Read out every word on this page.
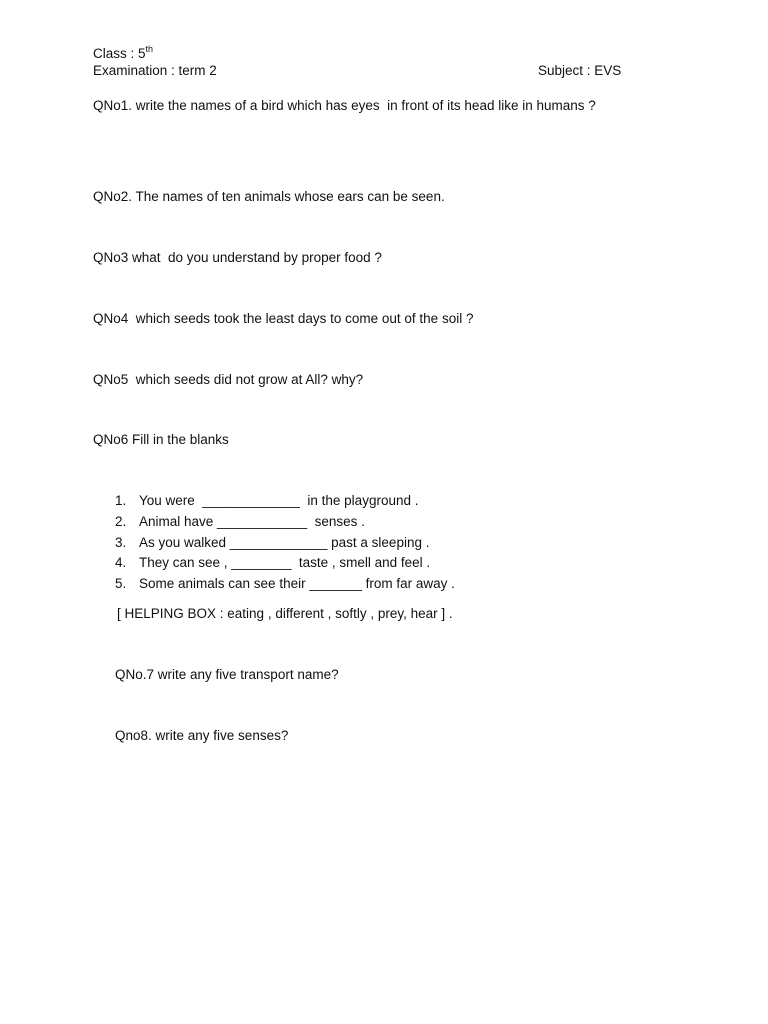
Class : 5th
Examination : term 2	Subject : EVS
QNo1. write the names of a bird which has eyes  in front of its head like in humans ?
QNo2. The names of ten animals whose ears can be seen.
QNo3 what  do you understand by proper food ?
QNo4  which seeds took the least days to come out of the soil ?
QNo5  which seeds did not grow at All? why?
QNo6 Fill in the blanks
1. You were  _____________  in the playground .
2. Animal have ____________  senses .
3. As you walked _____________ past a sleeping .
4. They can see , ________  taste , smell and feel .
5. Some animals can see their _______ from far away .
[ HELPING BOX : eating , different , softly , prey, hear ] .
QNo.7 write any five transport name?
Qno8. write any five senses?
